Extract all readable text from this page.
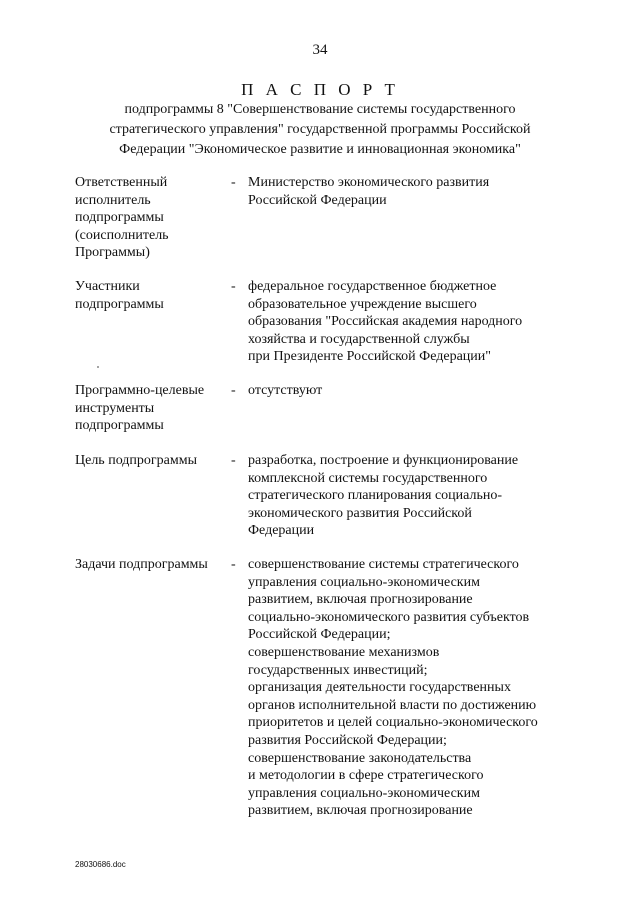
34
П А С П О Р Т
подпрограммы 8 "Совершенствование системы государственного
стратегического управления" государственной программы Российской
Федерации "Экономическое развитие и инновационная экономика"
Ответственный
исполнитель
подпрограммы
(соисполнитель
Программы)
- Министерство экономического развития
Российской Федерации
Участники
подпрограммы
- федеральное государственное бюджетное
образовательное учреждение высшего
образования "Российская академия народного
хозяйства и государственной службы
при Президенте Российской Федерации"
Программно-целевые
инструменты
подпрограммы
- отсутствуют
Цель подпрограммы	- разработка, построение и функционирование
комплексной системы государственного
стратегического планирования социально-
экономического развития Российской
Федерации
Задачи подпрограммы	- совершенствование системы стратегического
управления социально-экономическим
развитием, включая прогнозирование
социально-экономического развития субъектов
Российской Федерации;
совершенствование механизмов
государственных инвестиций;
организация деятельности государственных
органов исполнительной власти по достижению
приоритетов и целей социально-экономического
развития Российской Федерации;
совершенствование законодательства
и методологии в сфере стратегического
управления социально-экономическим
развитием, включая прогнозирование
28030686.doc
